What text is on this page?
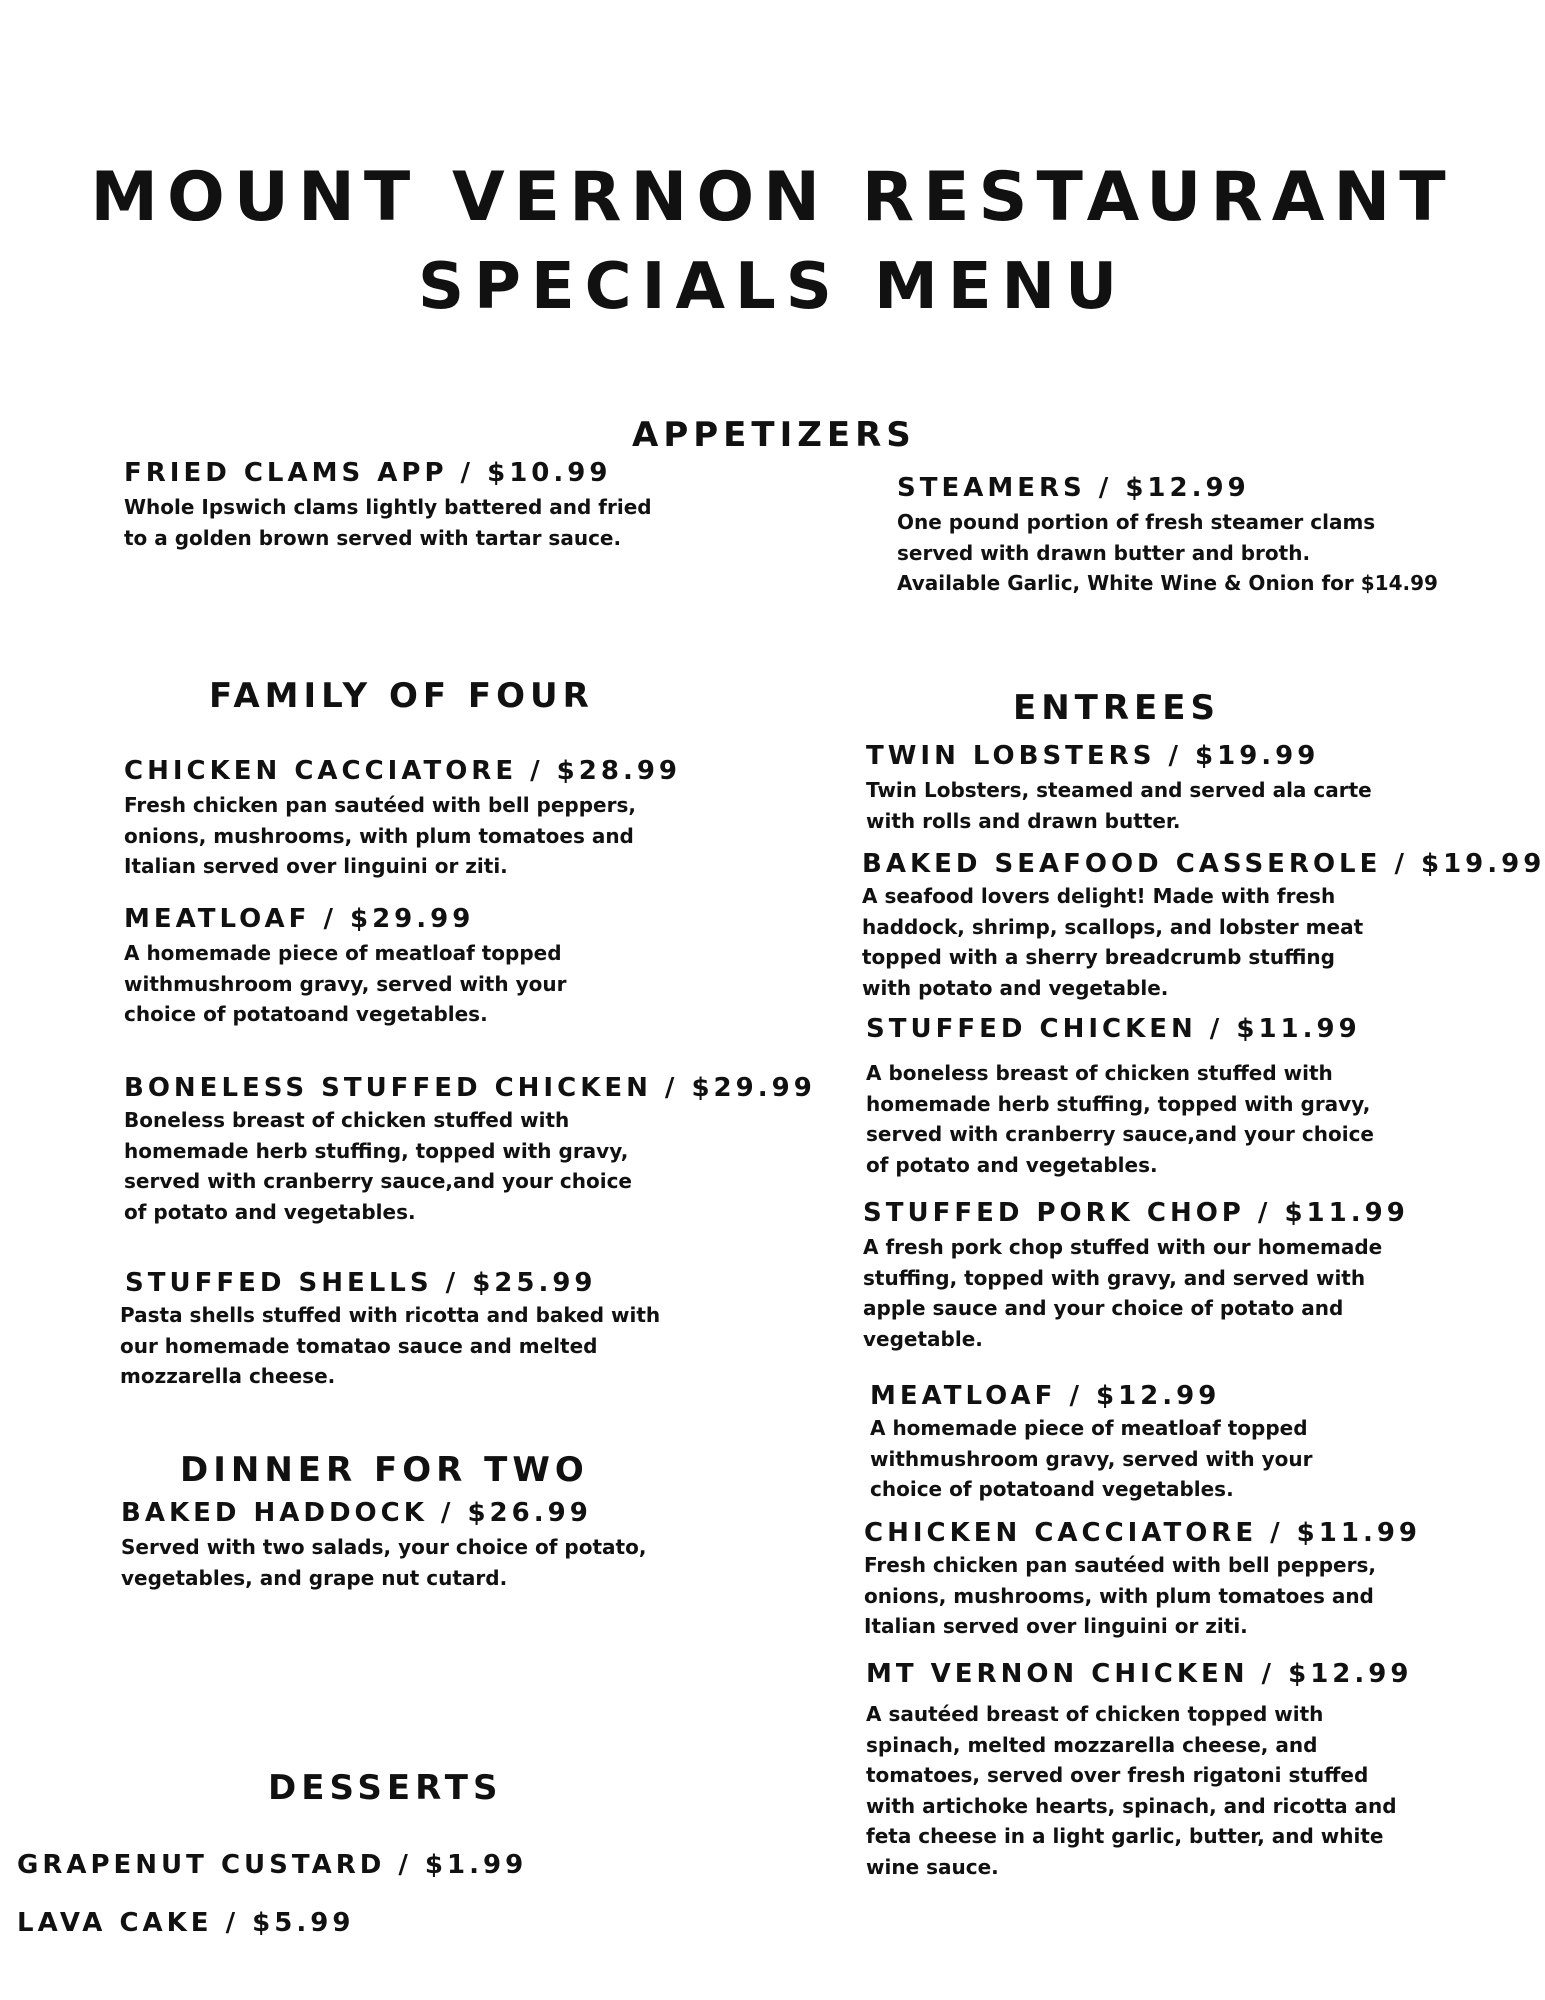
MOUNT VERNON RESTAURANT
SPECIALS MENU
APPETIZERS

FRIED CLAMS APP / $10.99

Whole Ipswich clams lightly battered and fried
to a golden brown served with tartar sauce.

STEAMERS / $12.99

One pound portion of fresh steamer clams
served with drawn butter and broth.
Available Garlic, White Wine & Onion for $14.99

FAMILY OF FOUR

CHICKEN CACCIATORE / $28.99

Fresh chicken pan sautéed with bell peppers,
onions, mushrooms, with plum tomatoes and
Italian served over linguini or ziti.

MEATLOAF / $29.99

A homemade piece of meatloaf topped
withmushroom gravy, served with your
choice of potatoand vegetables.

BONELESS STUFFED CHICKEN / $29.99

Boneless breast of chicken stuffed with
homemade herb stuffing, topped with gravy,
served with cranberry sauce,and your choice
of potato and vegetables.

STUFFED SHELLS / $25.99

Pasta shells stuffed with ricotta and baked with
our homemade tomatao sauce and melted
mozzarella cheese.

DINNER FOR TWO

BAKED HADDOCK / $26.99

Served with two salads, your choice of potato,
vegetables, and grape nut cutard.

DESSERTS

GRAPENUT CUSTARD / $1.99

LAVA CAKE / $5.99

ENTREES

TWIN LOBSTERS / $19.99

Twin Lobsters, steamed and served ala carte
with rolls and drawn butter.

BAKED SEAFOOD CASSEROLE / $19.99

A seafood lovers delight! Made with fresh
haddock, shrimp, scallops, and lobster meat
topped with a sherry breadcrumb stuffing
with potato and vegetable.

STUFFED CHICKEN / $11.99

A boneless breast of chicken stuffed with
homemade herb stuffing, topped with gravy,
served with cranberry sauce,and your choice
of potato and vegetables.

STUFFED PORK CHOP / $11.99

A fresh pork chop stuffed with our homemade
stuffing, topped with gravy, and served with
apple sauce and your choice of potato and
vegetable.

MEATLOAF / $12.99

A homemade piece of meatloaf topped
withmushroom gravy, served with your
choice of potatoand vegetables.

CHICKEN CACCIATORE / $11.99

Fresh chicken pan sautéed with bell peppers,
onions, mushrooms, with plum tomatoes and
Italian served over linguini or ziti.

MT VERNON CHICKEN / $12.99

A sautéed breast of chicken topped with
spinach, melted mozzarella cheese, and
tomatoes, served over fresh rigatoni stuffed
with artichoke hearts, spinach, and ricotta and
feta cheese in a light garlic, butter, and white
wine sauce.
